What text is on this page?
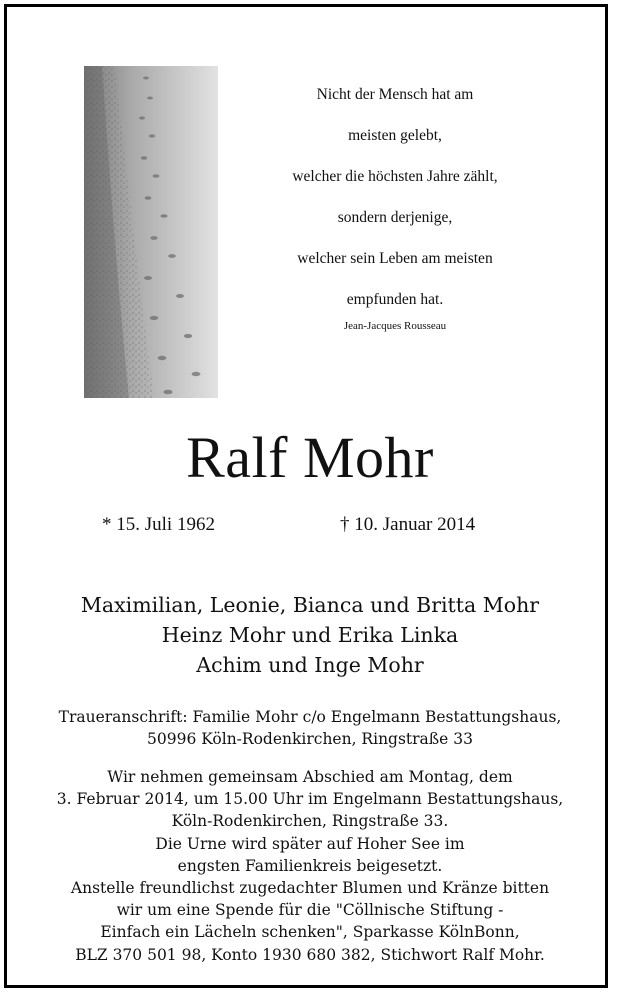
Nicht der Mensch hat am
meisten gelebt,
welcher die höchsten Jahre zählt,
sondern derjenige,
welcher sein Leben am meisten
empfunden hat.
Jean-Jacques Rousseau
Ralf Mohr
* 15. Juli 1962	† 10. Januar 2014
Maximilian, Leonie, Bianca und Britta Mohr
Heinz Mohr und Erika Linka
Achim und Inge Mohr
Traueranschrift: Familie Mohr c/o Engelmann Bestattungshaus,
50996 Köln-Rodenkirchen, Ringstraße 33
Wir nehmen gemeinsam Abschied am Montag, dem
3. Februar 2014, um 15.00 Uhr im Engelmann Bestattungshaus,
Köln-Rodenkirchen, Ringstraße 33.
Die Urne wird später auf Hoher See im
engsten Familienkreis beigesetzt.
Anstelle freundlichst zugedachter Blumen und Kränze bitten
wir um eine Spende für die "Cöllnische Stiftung -
Einfach ein Lächeln schenken", Sparkasse KölnBonn,
BLZ 370 501 98, Konto 1930 680 382, Stichwort Ralf Mohr.
